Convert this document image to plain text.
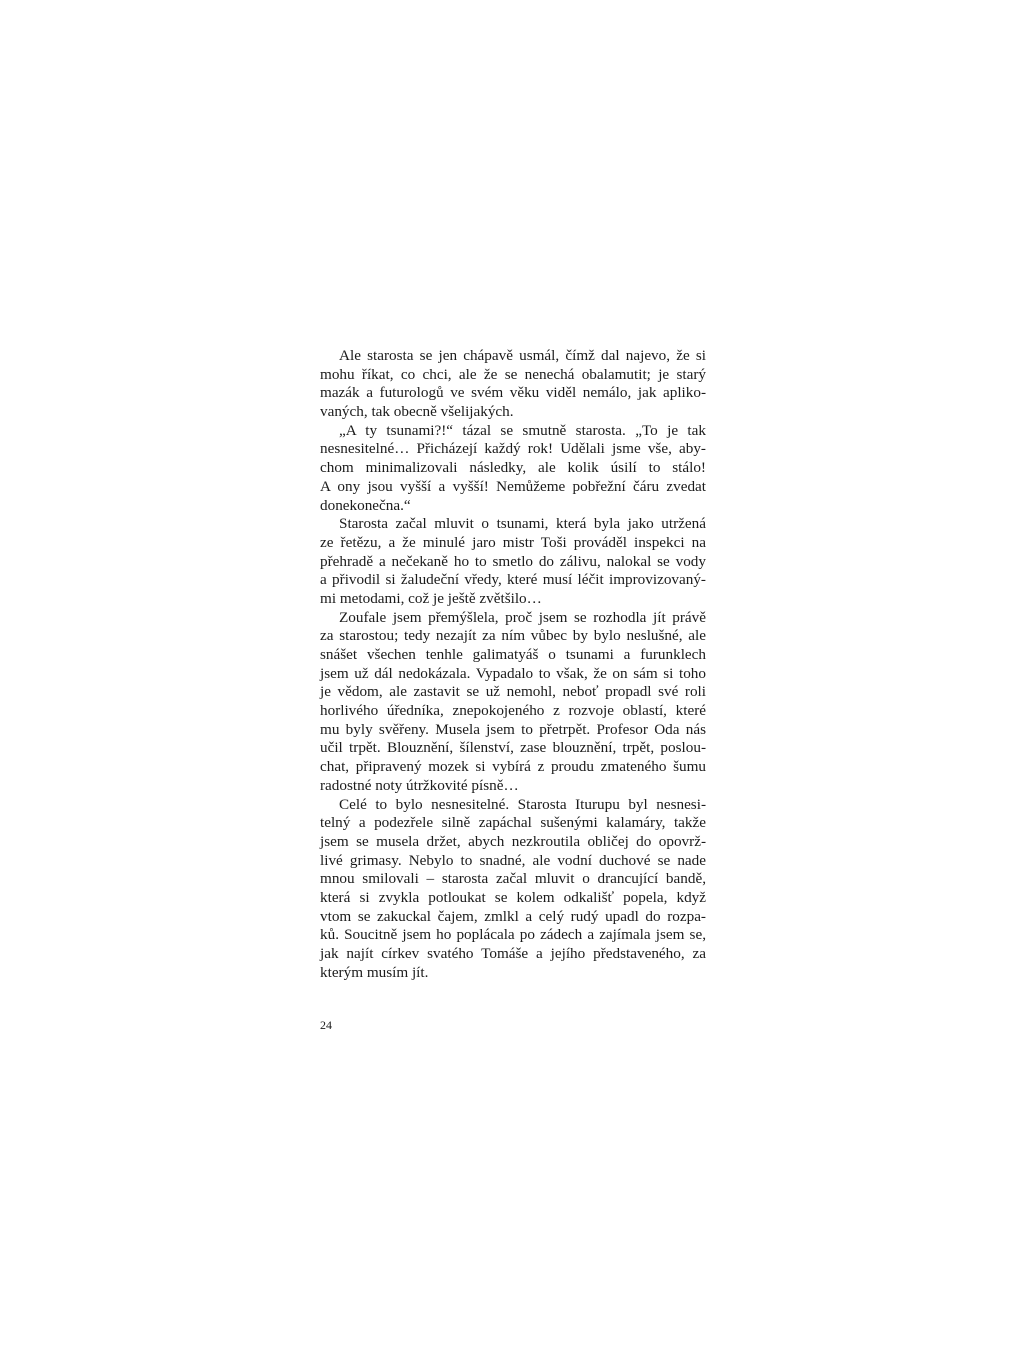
Ale starosta se jen chápavě usmál, čímž dal najevo, že si
mohu říkat, co chci, ale že se nenechá obalamutit; je starý
mazák a futurologů ve svém věku viděl nemálo, jak apliko-
vaných, tak obecně všelijakých.
„A ty tsunami?!“ tázal se smutně starosta. „To je tak
nesnesitelné… Přicházejí každý rok! Udělali jsme vše, aby-
chom minimalizovali následky, ale kolik úsilí to stálo!
A ony jsou vyšší a vyšší! Nemůžeme pobřežní čáru zvedat
donekonečna.“
Starosta začal mluvit o tsunami, která byla jako utržená
ze řetězu, a že minulé jaro mistr Toši prováděl inspekci na
přehradě a nečekaně ho to smetlo do zálivu, nalokal se vody
a přivodil si žaludeční vředy, které musí léčit improvizovaný-
mi metodami, což je ještě zvětšilo…
Zoufale jsem přemýšlela, proč jsem se rozhodla jít právě
za starostou; tedy nezajít za ním vůbec by bylo neslušné, ale
snášet všechen tenhle galimatyáš o tsunami a furunklech
jsem už dál nedokázala. Vypadalo to však, že on sám si toho
je vědom, ale zastavit se už nemohl, neboť propadl své roli
horlivého úředníka, znepokojeného z rozvoje oblastí, které
mu byly svěřeny. Musela jsem to přetrpět. Profesor Oda nás
učil trpět. Blouznění, šílenství, zase blouznění, trpět, poslou-
chat, připravený mozek si vybírá z proudu zmateného šumu
radostné noty útržkovité písně…
Celé to bylo nesnesitelné. Starosta Iturupu byl nesnesi-
telný a podezřele silně zapáchal sušenými kalamáry, takže
jsem se musela držet, abych nezkroutila obličej do opovrž-
livé grimasy. Nebylo to snadné, ale vodní duchové se nade
mnou smilovali – starosta začal mluvit o drancující bandě,
která si zvykla potloukat se kolem odkališť popela, když
vtom se zakuckal čajem, zmlkl a celý rudý upadl do rozpa-
ků. Soucitně jsem ho poplácala po zádech a zajímala jsem se,
jak najít církev svatého Tomáše a jejího představeného, za
kterým musím jít.
24
